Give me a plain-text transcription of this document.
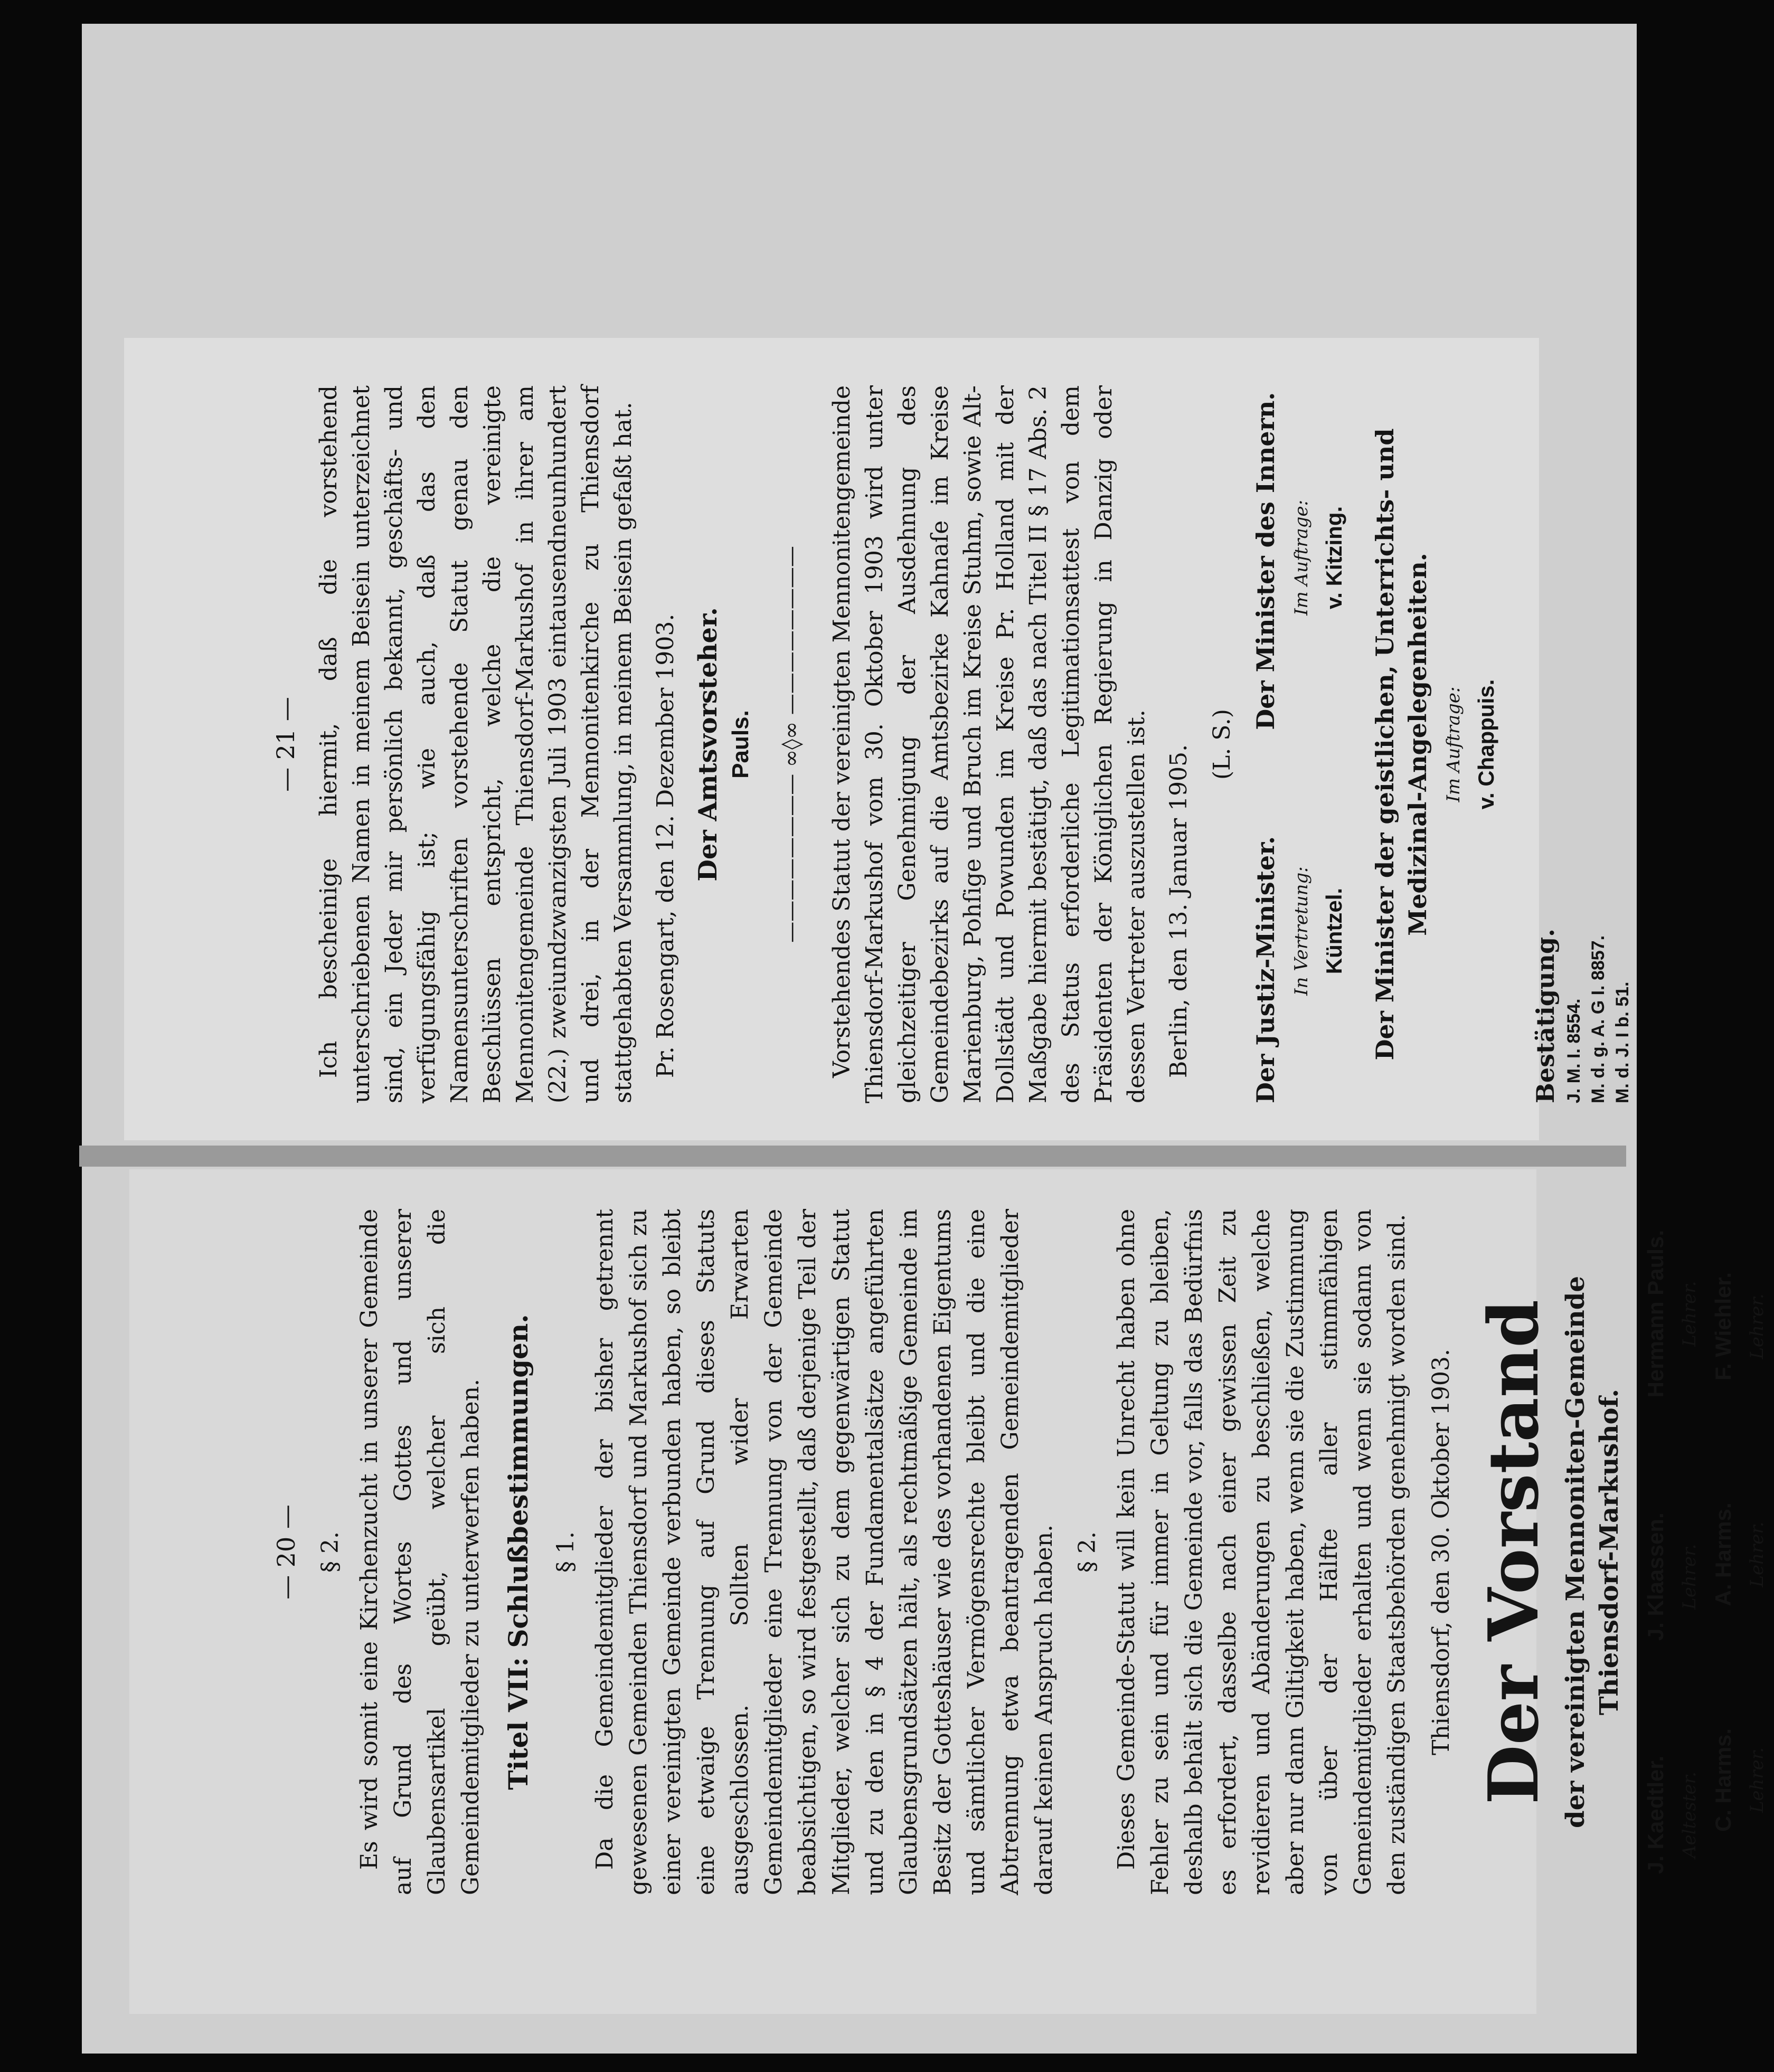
— 20 — § 2. Es wird somit eine Kirchenzucht in unserer Gemeinde auf Grund des Wortes Gottes und unserer Glaubensartikel geübt, welcher sich die Gemeindemitglieder zu unterwerfen haben. Titel VII: Schlußbestimmungen. § 1. Da die Gemeindemitglieder der bisher getrennt gewesenen Gemeinden Thiensdorf und Markushof sich zu einer vereinigten Gemeinde verbunden haben, so bleibt eine etwaige Trennung auf Grund dieses Statuts ausgeschlossen. Sollten wider Erwarten Gemeindemitglieder eine Trennung von der Gemeinde beabsichtigen, so wird festgestellt, daß derjenige Teil der Mitglieder, welcher sich zu dem gegenwärtigen Statut und zu den in § 4 der Fundamentalsätze angeführten Glaubensgrundsätzen hält, als rechtmäßige Gemeinde im Besitz der Gotteshäuser wie des vorhandenen Eigentums und sämtlicher Vermögensrechte bleibt und die eine Abtrennung etwa beantragenden Gemeindemitglieder darauf keinen Anspruch haben. § 2. Dieses Gemeinde-Statut will kein Unrecht haben ohne Fehler zu sein und für immer in Geltung zu bleiben, deshalb behält sich die Gemeinde vor, falls das Bedürfnis es erfordert, dasselbe nach einer gewissen Zeit zu revidieren und Abänderungen zu beschließen, welche aber nur dann Giltigkeit haben, wenn sie die Zustimmung von über der Hälfte aller stimmfähigen Gemeindemitglieder erhalten und wenn sie sodann von den zuständigen Staatsbehörden genehmigt worden sind. Thiensdorf, den 30. Oktober 1903. Der Vorstand der vereinigten Mennoniten-Gemeinde Thiensdorf-Markushof.
J. Kaedtler. Aeltester.
J. Klaassen. Lehrer.
Hermann Pauls. Lehrer.
C. Harms. Lehrer.
A. Harms. Lehrer.
F. Wiehler. Lehrer.
— 21 — Ich bescheinige hiermit, daß die vorstehend unterschriebenen Namen in meinem Beisein unterzeichnet sind, ein Jeder mir persönlich bekannt, geschäfts- und verfügungsfähig ist; wie auch, daß das den Namensunterschriften vorstehende Statut genau den Beschlüssen entspricht, welche die vereinigte Mennonitengemeinde Thiensdorf-Markushof in ihrer am (22.) zweiundzwanzigsten Juli 1903 eintausendneunhundert und drei, in der Mennonitenkirche zu Thiensdorf stattgehabten Versammlung, in meinem Beisein gefaßt hat. Pr. Rosengart, den 12. Dezember 1903. Der Amtsvorsteher. Pauls. ———————— ∞◊∞ ———————— Vorstehendes Statut der vereinigten Mennonitengemeinde Thiensdorf-Markushof vom 30. Oktober 1903 wird unter gleichzeitiger Genehmigung der Ausdehnung des Gemeindebezirks auf die Amtsbezirke Kahnaſe im Kreise Marienburg, Pohſige und Bruch im Kreise Stuhm, sowie Alt-Dollstädt und Powunden im Kreise Pr. Holland mit der Maßgabe hiermit bestätigt, daß das nach Titel II § 17 Abs. 2 des Status erforderliche Legitimationsattest von dem Präsidenten der Königlichen Regierung in Danzig oder dessen Vertreter auszustellen ist. Berlin, den 13. Januar 1905. (L. S.)
Der Justiz-Minister. In Vertretung: Küntzel.
Der Minister des Innern. Im Auftrage: v. Kitzing. Der Minister der geistlichen, Unterrichts- und Medizinal-Angelegenheiten. Im Auftrage: v. Chappuis.
Bestätigung. J. M. I. 8554. M. d. g. A. G I. 8857. M. d. J. I b. 51.
